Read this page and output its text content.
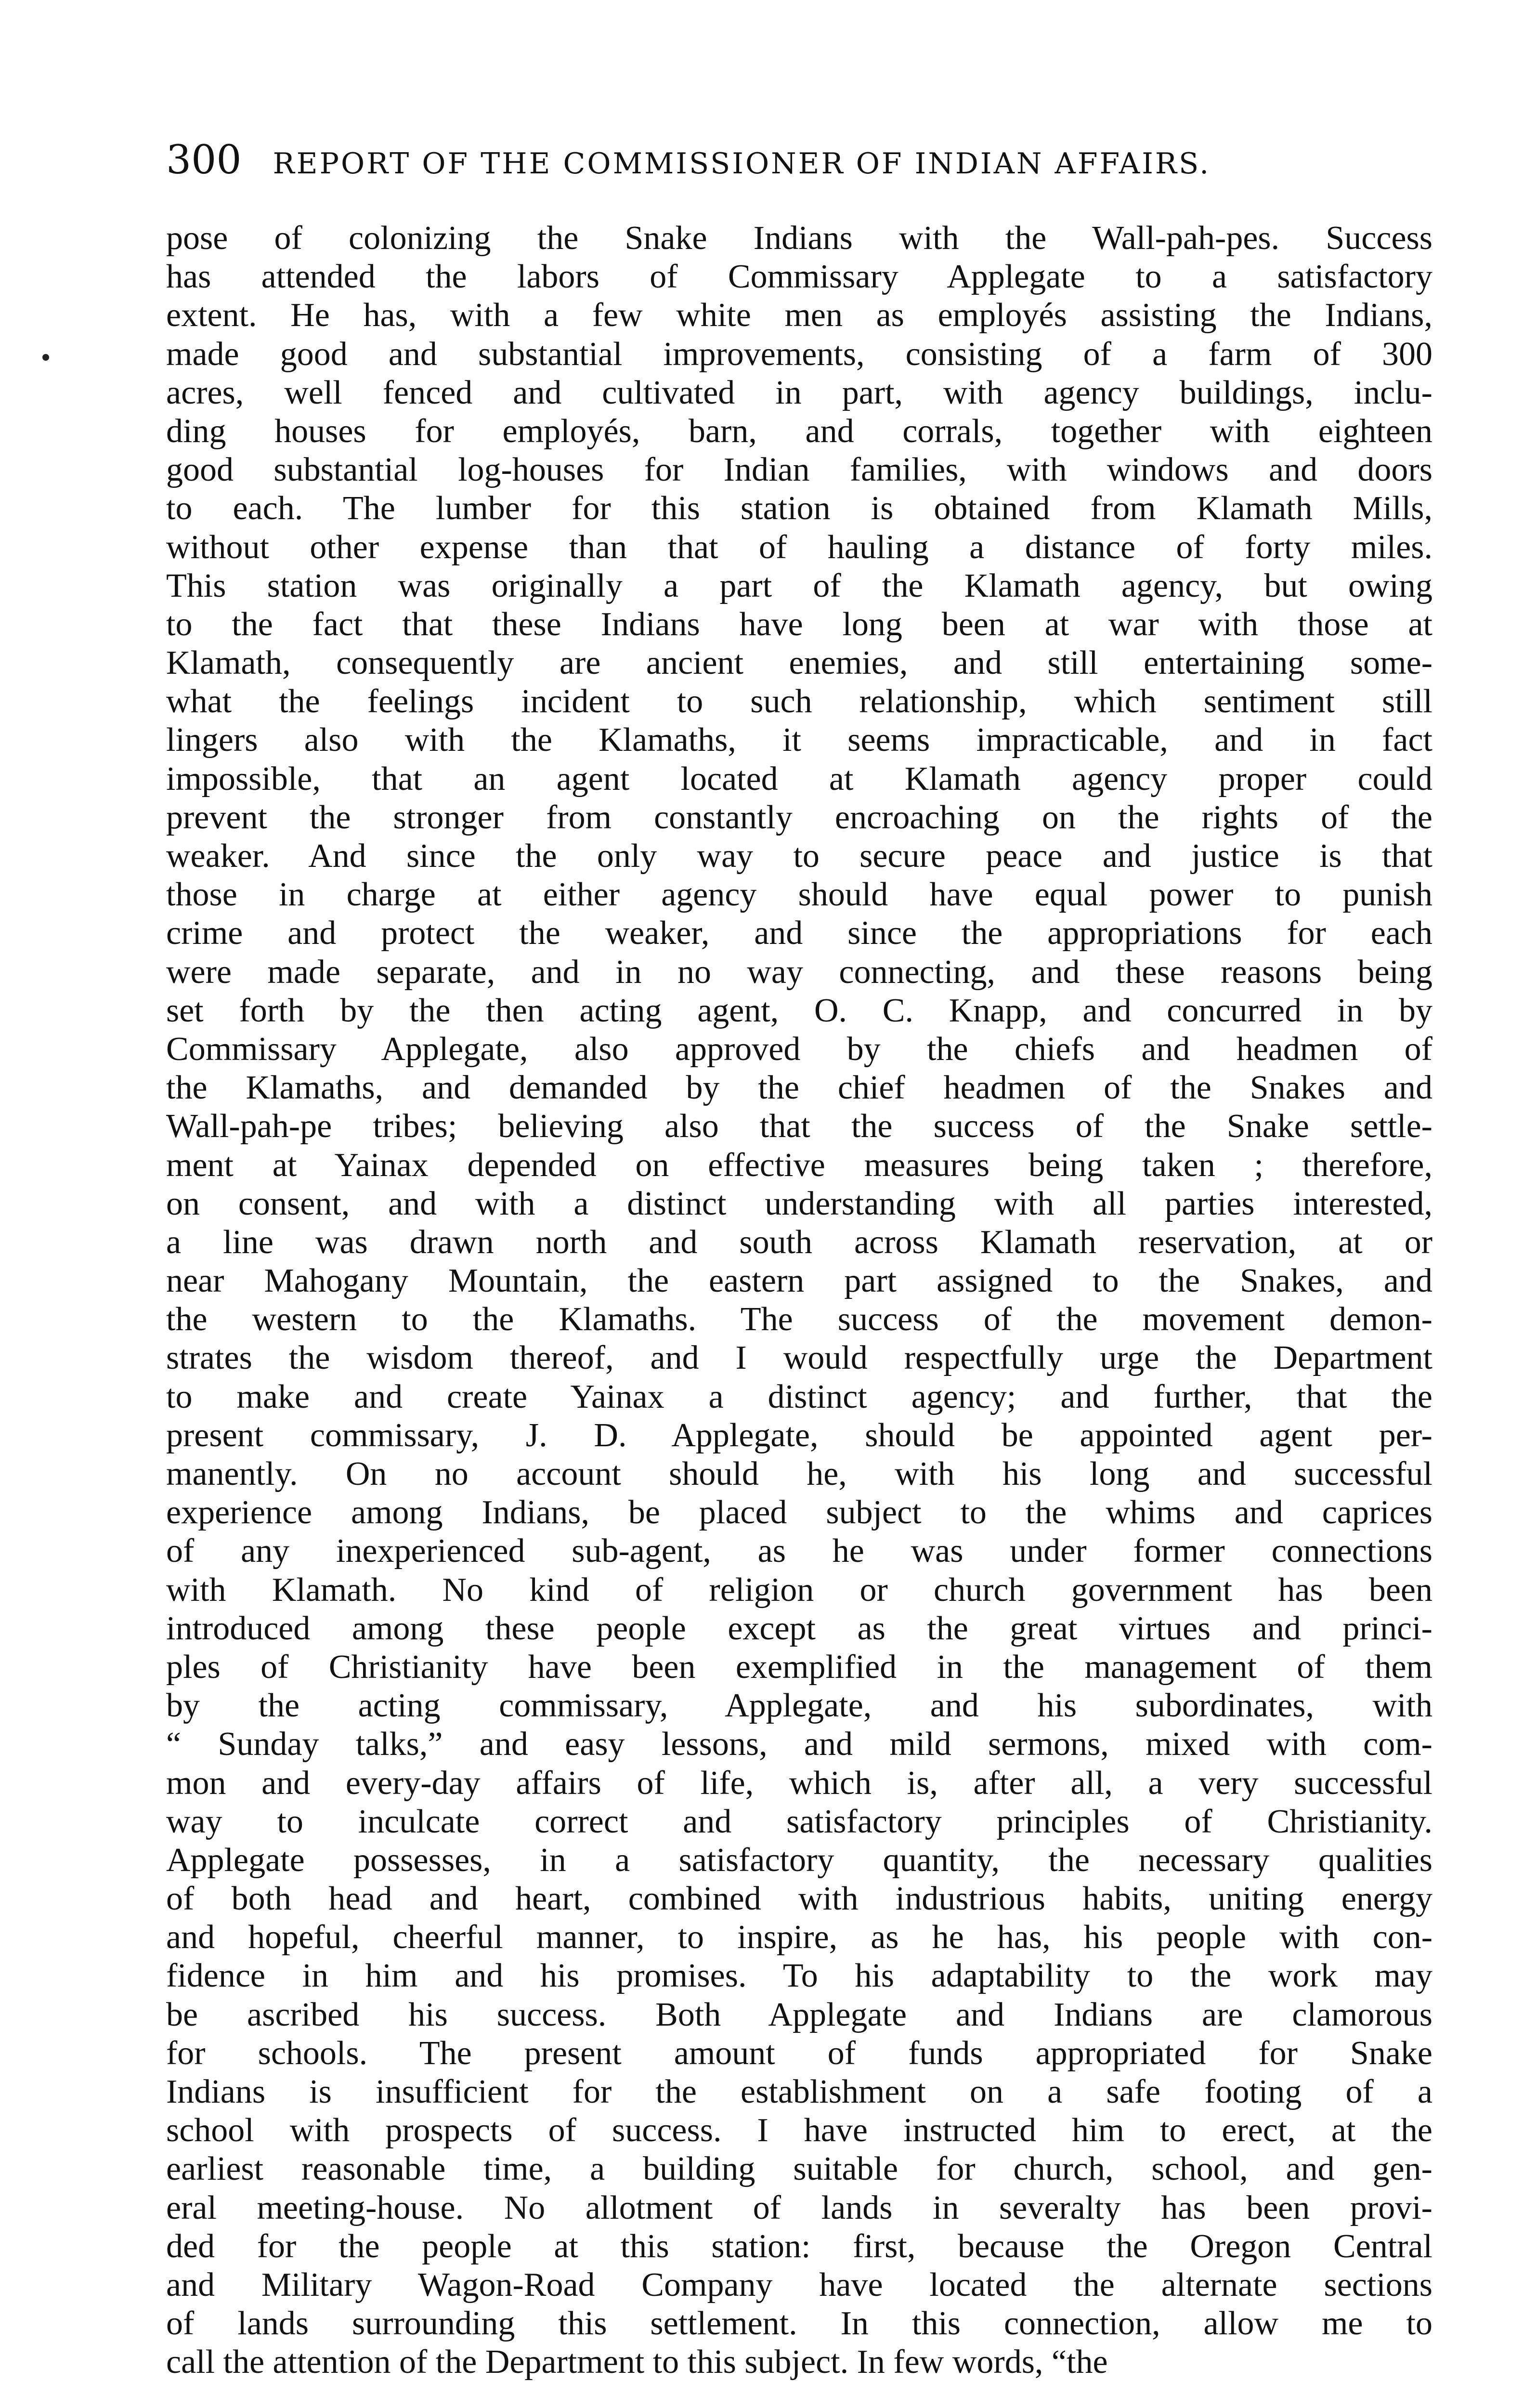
300 REPORT OF THE COMMISSIONER OF INDIAN AFFAIRS.
pose of colonizing the Snake Indians with the Wall-pah-pes. Success
has attended the labors of Commissary Applegate to a satisfactory
extent. He has, with a few white men as employés assisting the Indians,
made good and substantial improvements, consisting of a farm of 300
acres, well fenced and cultivated in part, with agency buildings, inclu-
ding houses for employés, barn, and corrals, together with eighteen
good substantial log-houses for Indian families, with windows and doors
to each. The lumber for this station is obtained from Klamath Mills,
without other expense than that of hauling a distance of forty miles.
This station was originally a part of the Klamath agency, but owing
to the fact that these Indians have long been at war with those at
Klamath, consequently are ancient enemies, and still entertaining some-
what the feelings incident to such relationship, which sentiment still
lingers also with the Klamaths, it seems impracticable, and in fact
impossible, that an agent located at Klamath agency proper could
prevent the stronger from constantly encroaching on the rights of the
weaker. And since the only way to secure peace and justice is that
those in charge at either agency should have equal power to punish
crime and protect the weaker, and since the appropriations for each
were made separate, and in no way connecting, and these reasons being
set forth by the then acting agent, O. C. Knapp, and concurred in by
Commissary Applegate, also approved by the chiefs and headmen of
the Klamaths, and demanded by the chief headmen of the Snakes and
Wall-pah-pe tribes; believing also that the success of the Snake settle-
ment at Yainax depended on effective measures being taken ; therefore,
on consent, and with a distinct understanding with all parties interested,
a line was drawn north and south across Klamath reservation, at or
near Mahogany Mountain, the eastern part assigned to the Snakes, and
the western to the Klamaths. The success of the movement demon-
strates the wisdom thereof, and I would respectfully urge the Department
to make and create Yainax a distinct agency; and further, that the
present commissary, J. D. Applegate, should be appointed agent per-
manently. On no account should he, with his long and successful
experience among Indians, be placed subject to the whims and caprices
of any inexperienced sub-agent, as he was under former connections
with Klamath. No kind of religion or church government has been
introduced among these people except as the great virtues and princi-
ples of Christianity have been exemplified in the management of them
by the acting commissary, Applegate, and his subordinates, with
“ Sunday talks,” and easy lessons, and mild sermons, mixed with com-
mon and every-day affairs of life, which is, after all, a very successful
way to inculcate correct and satisfactory principles of Christianity.
Applegate possesses, in a satisfactory quantity, the necessary qualities
of both head and heart, combined with industrious habits, uniting energy
and hopeful, cheerful manner, to inspire, as he has, his people with con-
fidence in him and his promises. To his adaptability to the work may
be ascribed his success. Both Applegate and Indians are clamorous
for schools. The present amount of funds appropriated for Snake
Indians is insufficient for the establishment on a safe footing of a
school with prospects of success. I have instructed him to erect, at the
earliest reasonable time, a building suitable for church, school, and gen-
eral meeting-house. No allotment of lands in severalty has been provi-
ded for the people at this station: first, because the Oregon Central
and Military Wagon-Road Company have located the alternate sections
of lands surrounding this settlement. In this connection, allow me to
call the attention of the Department to this subject. In few words, “the
